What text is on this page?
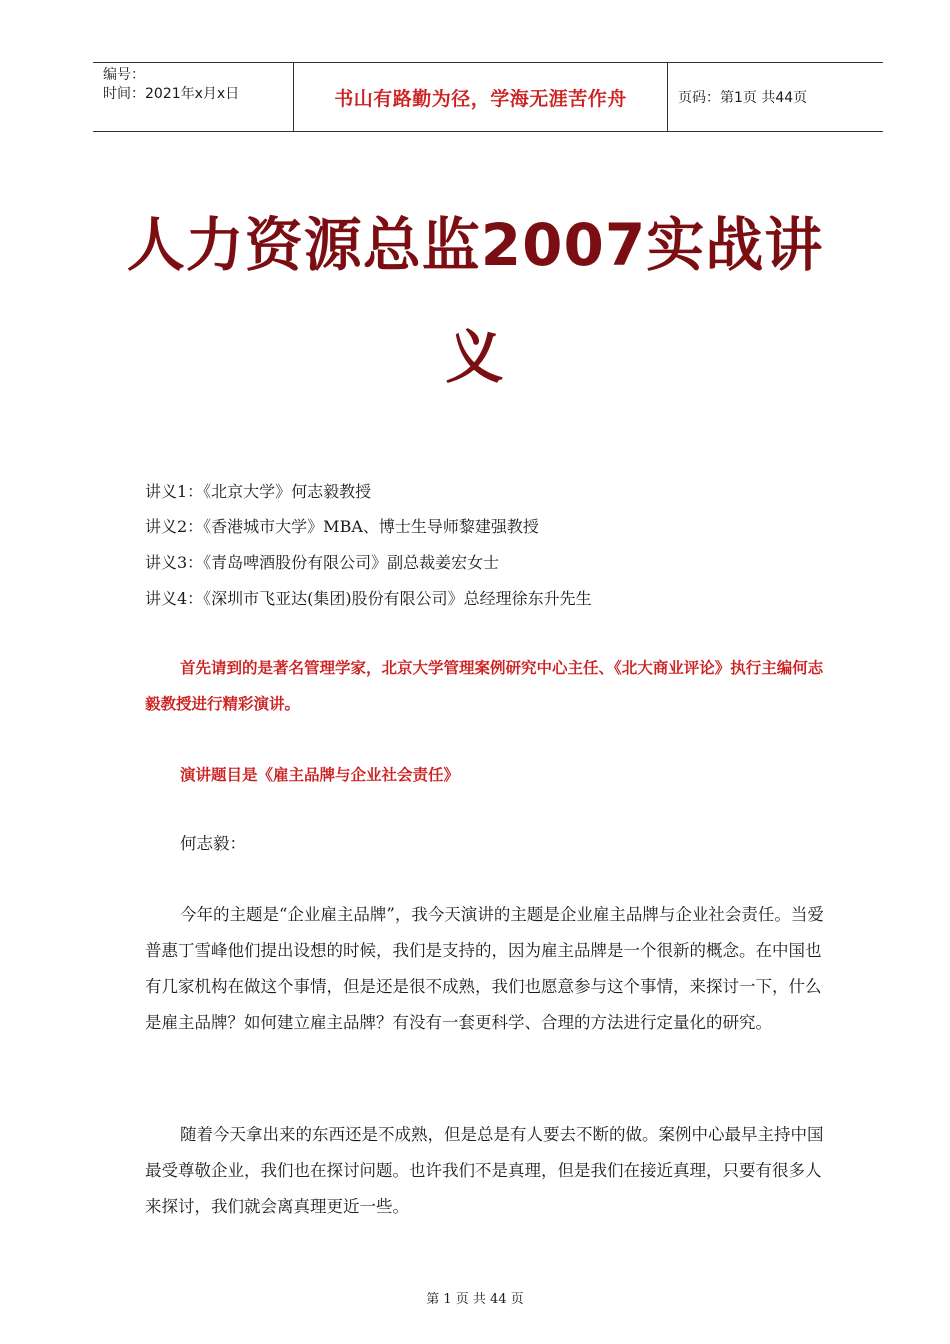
编号：
时间：2021年x月x日	书山有路勤为径，学海无涯苦作舟	页码：第1页 共44页
人力资源总监2007实战讲
义
讲义1：《北京大学》何志毅教授
讲义2：《香港城市大学》MBA、博士生导师黎建强教授
讲义3：《青岛啤酒股份有限公司》副总裁姜宏女士
讲义4：《深圳市飞亚达(集团)股份有限公司》总经理徐东升先生
首先请到的是著名管理学家，北京大学管理案例研究中心主任、《北大商业评论》执行主编何志毅教授进行精彩演讲。
演讲题目是《雇主品牌与企业社会责任》
何志毅：
今年的主题是“企业雇主品牌”，我今天演讲的主题是企业雇主品牌与企业社会责任。当爱普惠丁雪峰他们提出设想的时候，我们是支持的，因为雇主品牌是一个很新的概念。在中国也有几家机构在做这个事情，但是还是很不成熟，我们也愿意参与这个事情，来探讨一下，什么是雇主品牌？如何建立雇主品牌？有没有一套更科学、合理的方法进行定量化的研究。
随着今天拿出来的东西还是不成熟，但是总是有人要去不断的做。案例中心最早主持中国最受尊敬企业，我们也在探讨问题。也许我们不是真理，但是我们在接近真理，只要有很多人来探讨，我们就会离真理更近一些。
第 1 页 共 44 页
